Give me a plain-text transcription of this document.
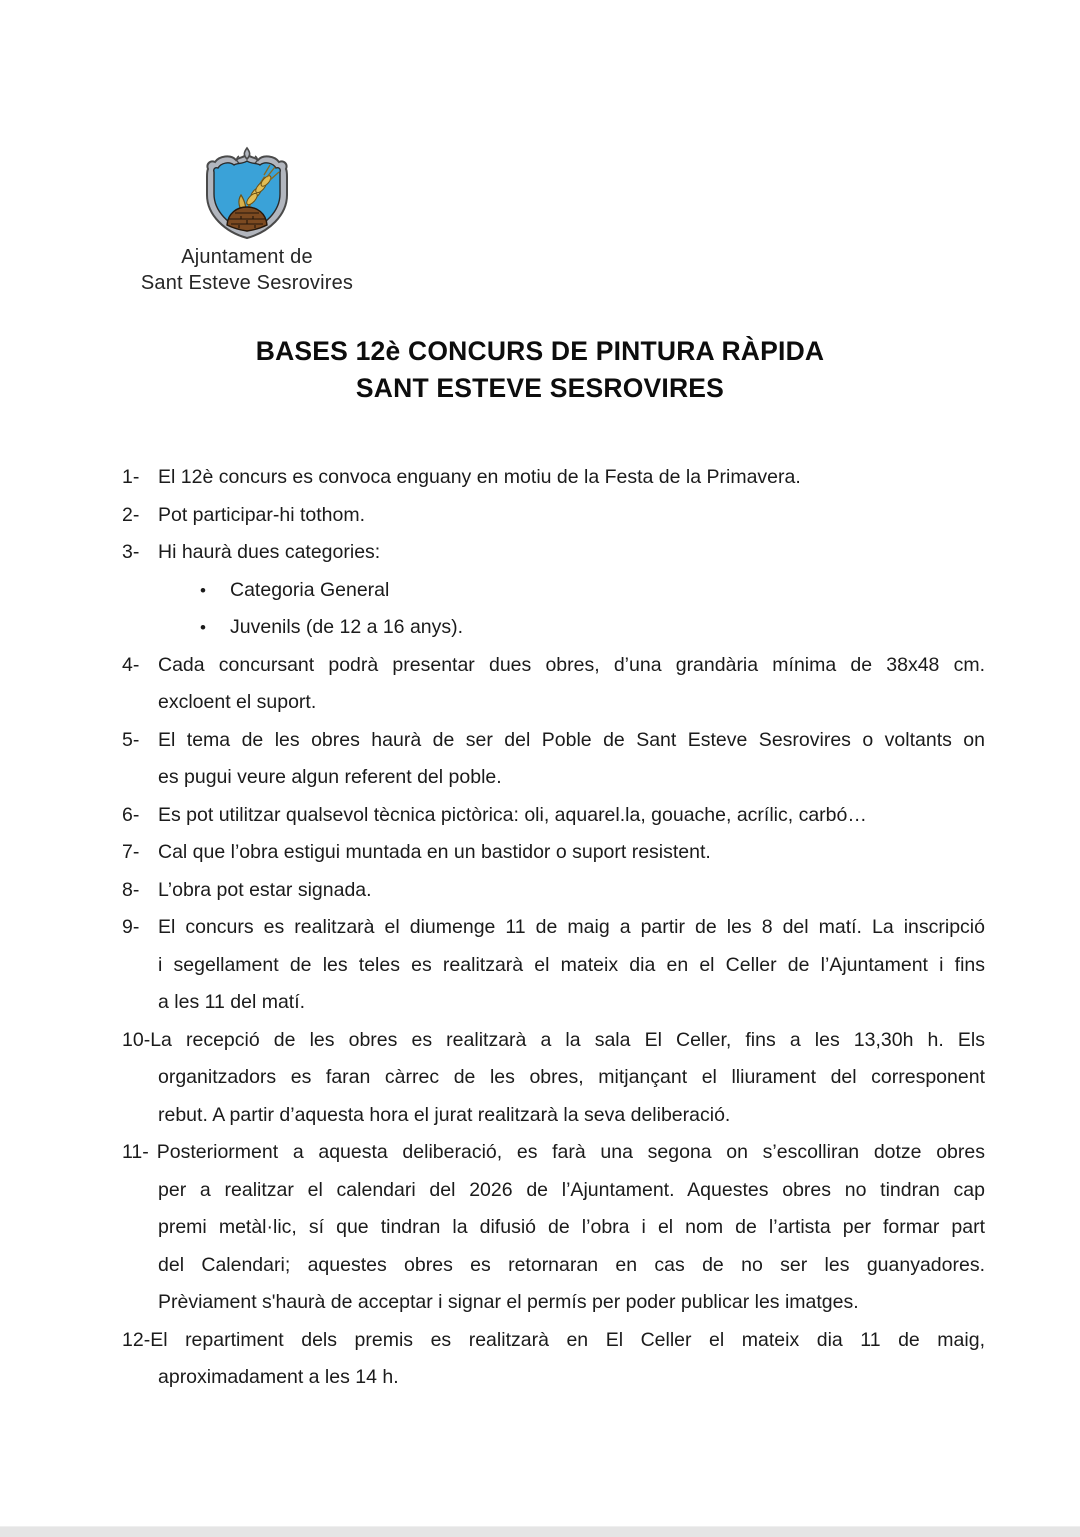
Ajuntament de
Sant Esteve Sesrovires
BASES 12è CONCURS DE PINTURA RÀPIDA
SANT ESTEVE SESROVIRES
1- El 12è concurs es convoca enguany en motiu de la Festa de la Primavera.
2- Pot participar-hi tothom.
3- Hi haurà dues categories:
• Categoria General
• Juvenils (de 12 a 16 anys).
4- Cada concursant podrà presentar dues obres, d’una grandària mínima de 38x48 cm.
excloent el suport.
5- El tema de les obres haurà de ser del Poble de Sant Esteve Sesrovires o voltants on
es pugui veure algun referent del poble.
6- Es pot utilitzar qualsevol tècnica pictòrica: oli, aquarel.la, gouache, acrílic, carbó…
7- Cal que l’obra estigui muntada en un bastidor o suport resistent.
8- L’obra pot estar signada.
9- El concurs es realitzarà el diumenge 11 de maig a partir de les 8 del matí. La inscripció
i segellament de les teles es realitzarà el mateix dia en el Celler de l’Ajuntament i fins
a les 11 del matí.
10-La recepció de les obres es realitzarà a la sala El Celler, fins a les 13,30h h. Els
organitzadors es faran càrrec de les obres, mitjançant el lliurament del corresponent
rebut. A partir d’aquesta hora el jurat realitzarà la seva deliberació.
11- Posteriorment a aquesta deliberació, es farà una segona on s’escolliran dotze obres
per a realitzar el calendari del 2026 de l’Ajuntament. Aquestes obres no tindran cap
premi metàl·lic, sí que tindran la difusió de l’obra i el nom de l’artista per formar part
del Calendari; aquestes obres es retornaran en cas de no ser les guanyadores.
Prèviament s'haurà de acceptar i signar el permís per poder publicar les imatges.
12-El repartiment dels premis es realitzarà en El Celler el mateix dia 11 de maig,
aproximadament a les 14 h.
